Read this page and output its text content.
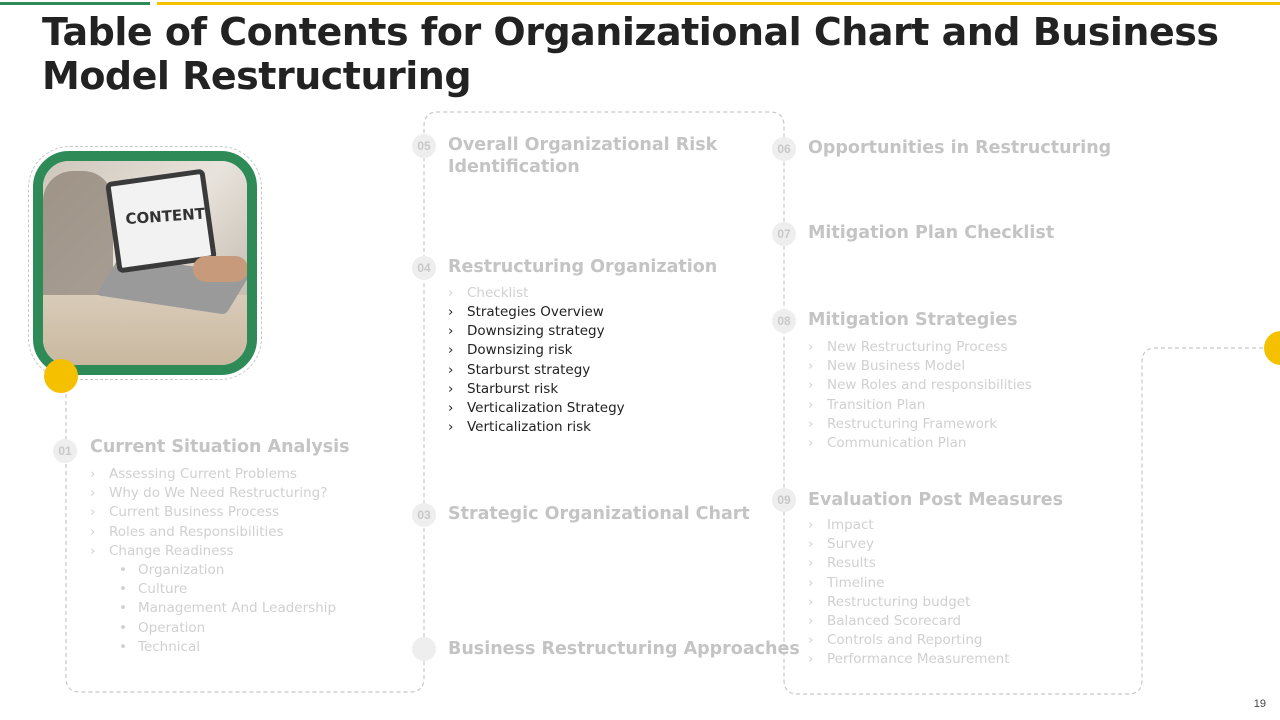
Table of Contents for Organizational Chart and Business Model Restructuring
CONTENT
01	Current Situation Analysis
› Assessing Current Problems
› Why do We Need Restructuring?
› Current Business Process
› Roles and Responsibilities
› Change Readiness
• Organization
• Culture
• Management And Leadership
• Operation
• Technical	Business Restructuring Approaches
03 Strategic Organizational Chart
04 Restructuring Organization
› Checklist
› Strategies Overview
› Downsizing strategy
› Downsizing risk
› Starburst strategy
› Starburst risk
› Verticalization Strategy
› Verticalization risk
05 Overall Organizational Risk Identification
06 Opportunities in Restructuring
07 Mitigation Plan Checklist
08 Mitigation Strategies
› New Restructuring Process
› New Business Model
› New Roles and responsibilities
› Transition Plan
› Restructuring Framework
› Communication Plan
09 Evaluation Post Measures
› Impact
› Survey
› Results
› Timeline
› Restructuring budget
› Balanced Scorecard
› Controls and Reporting
› Performance Measurement
19
